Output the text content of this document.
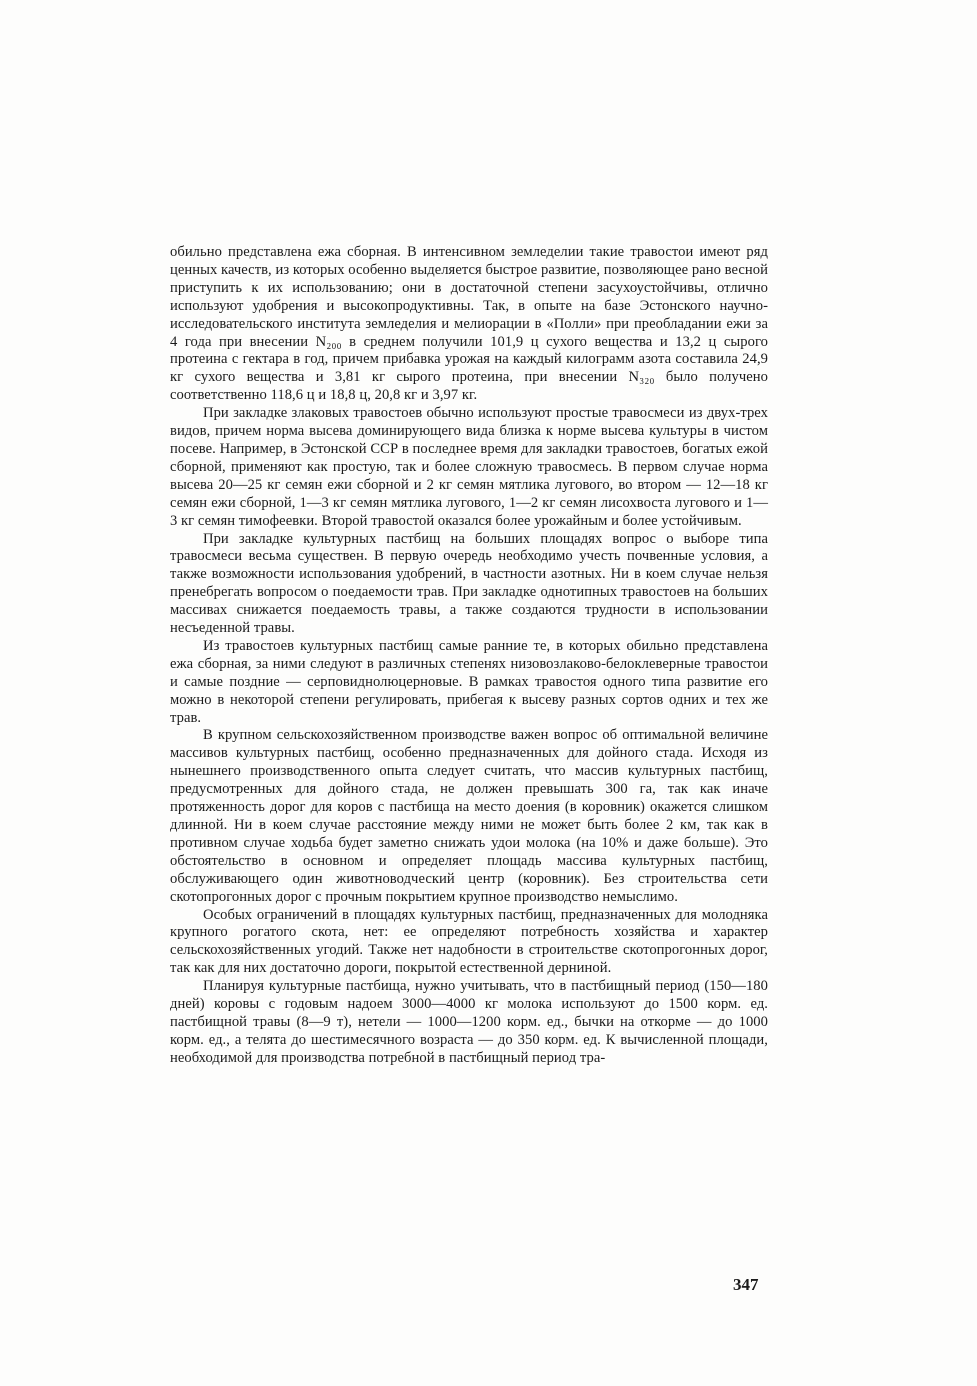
обильно представлена ежа сборная. В интенсивном земледелии такие травостои имеют ряд ценных качеств, из которых особенно выделяется быстрое развитие, позволяющее рано весной приступить к их использованию; они в достаточной степени засухоустойчивы, отлично используют удобрения и высокопродуктивны. Так, в опыте на базе Эстонского научно-исследовательского института земледелия и мелиорации в «Полли» при преобладании ежи за 4 года при внесении N₂₀₀ в среднем получили 101,9 ц сухого вещества и 13,2 ц сырого протеина с гектара в год, причем прибавка урожая на каждый килограмм азота составила 24,9 кг сухого вещества и 3,81 кг сырого протеина, при внесении N₃₂₀ было получено соответственно 118,6 ц и 18,8 ц, 20,8 кг и 3,97 кг.

При закладке злаковых травостоев обычно используют простые травосмеси из двух-трех видов, причем норма высева доминирующего вида близка к норме высева культуры в чистом посеве. Например, в Эстонской ССР в последнее время для закладки травостоев, богатых ежой сборной, применяют как простую, так и более сложную травосмесь. В первом случае норма высева 20—25 кг семян ежи сборной и 2 кг семян мятлика лугового, во втором — 12—18 кг семян ежи сборной, 1—3 кг семян мятлика лугового, 1—2 кг семян лисохвоста лугового и 1—3 кг семян тимофеевки. Второй травостой оказался более урожайным и более устойчивым.

При закладке культурных пастбищ на больших площадях вопрос о выборе типа травосмеси весьма существен. В первую очередь необходимо учесть почвенные условия, а также возможности использования удобрений, в частности азотных. Ни в коем случае нельзя пренебрегать вопросом о поедаемости трав. При закладке однотипных травостоев на больших массивах снижается поедаемость травы, а также создаются трудности в использовании несъеденной травы.

Из травостоев культурных пастбищ самые ранние те, в которых обильно представлена ежа сборная, за ними следуют в различных степенях низовозлаково-белоклеверные травостои и самые поздние — серповиднолюцерновые. В рамках травостоя одного типа развитие его можно в некоторой степени регулировать, прибегая к высеву разных сортов одних и тех же трав.

В крупном сельскохозяйственном производстве важен вопрос об оптимальной величине массивов культурных пастбищ, особенно предназначенных для дойного стада. Исходя из нынешнего производственного опыта следует считать, что массив культурных пастбищ, предусмотренных для дойного стада, не должен превышать 300 га, так как иначе протяженность дорог для коров с пастбища на место доения (в коровник) окажется слишком длинной. Ни в коем случае расстояние между ними не может быть более 2 км, так как в противном случае ходьба будет заметно снижать удои молока (на 10% и даже больше). Это обстоятельство в основном и определяет площадь массива культурных пастбищ, обслуживающего один животноводческий центр (коровник). Без строительства сети скотопрогонных дорог с прочным покрытием крупное производство немыслимо.

Особых ограничений в площадях культурных пастбищ, предназначенных для молодняка крупного рогатого скота, нет: ее определяют потребность хозяйства и характер сельскохозяйственных угодий. Также нет надобности в строительстве скотопрогонных дорог, так как для них достаточно дороги, покрытой естественной дерниной.

Планируя культурные пастбища, нужно учитывать, что в пастбищный период (150—180 дней) коровы с годовым надоем 3000—4000 кг молока используют до 1500 корм. ед. пастбищной травы (8—9 т), нетели — 1000—1200 корм. ед., бычки на откорме — до 1000 корм. ед., а телята до шестимесячного возраста — до 350 корм. ед. К вычисленной площади, необходимой для производства потребной в пастбищный период тра-

347
